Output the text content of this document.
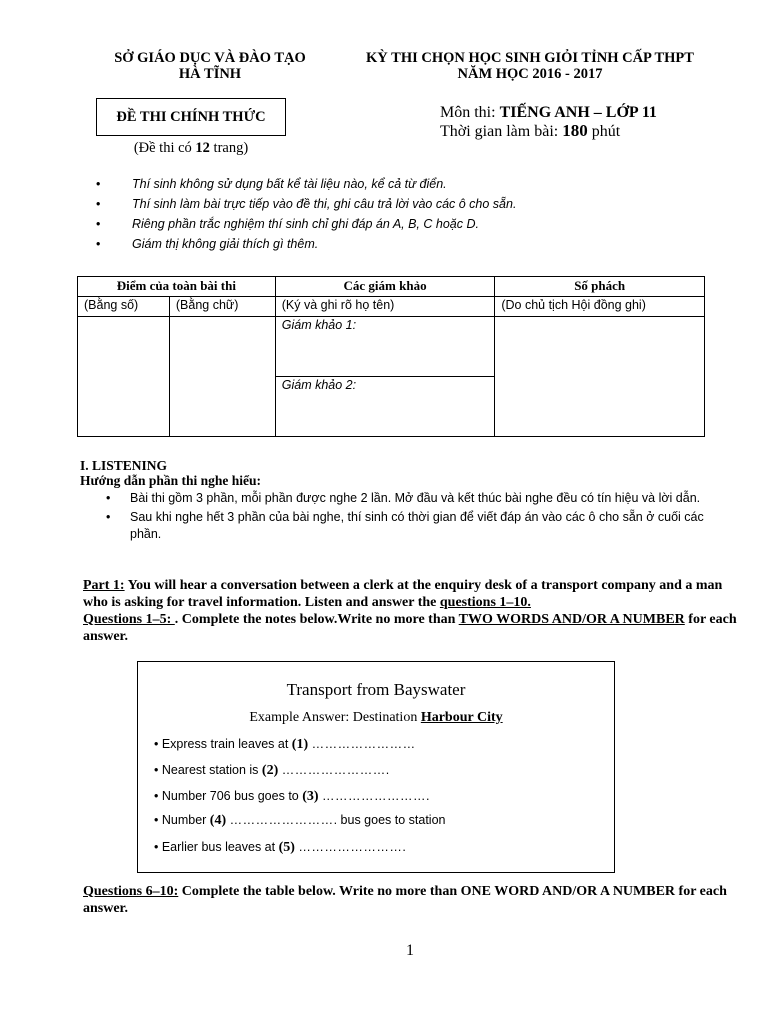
SỞ GIÁO DỤC VÀ ĐÀO TẠO
HÀ TĨNH
KỲ THI CHỌN HỌC SINH GIỎI TỈNH CẤP THPT
NĂM HỌC 2016 - 2017
ĐỀ THI CHÍNH THỨC
(Đề thi có 12 trang)
Môn thi: TIẾNG ANH – LỚP 11
Thời gian làm bài: 180 phút
•	Thí sinh không sử dụng bất kể tài liệu nào, kể cả từ điển.
•	Thí sinh làm bài trực tiếp vào đề thi, ghi câu trả lời vào các ô cho sẵn.
•	Riêng phần trắc nghiệm thí sinh chỉ ghi đáp án A, B, C hoặc D.
•	Giám thị không giải thích gì thêm.
Điểm của toàn bài thi		Các giám khảo	Số phách
(Bằng số)	(Bằng chữ)	(Ký và ghi rõ họ tên)	(Do chủ tịch Hội đồng ghi)
		Giám khảo 1:	
		Giám khảo 2:	
I. LISTENING
Hướng dẫn phần thi nghe hiểu:
• Bài thi gồm 3 phần, mỗi phần được nghe 2 lần. Mở đầu và kết thúc bài nghe đều có tín hiệu và lời dẫn.
• Sau khi nghe hết 3 phần của bài nghe, thí sinh có thời gian để viết đáp án vào các ô cho sẵn ở cuối các phần.
Part 1: You will hear a conversation between a clerk at the enquiry desk of a transport company and a man who is asking for travel information. Listen and answer the questions 1–10.
Questions 1–5: . Complete the notes below.Write no more than TWO WORDS AND/OR A NUMBER for each answer.
Transport from Bayswater
Example Answer: Destination Harbour City
• Express train leaves at (1) ……………………
• Nearest station is (2) …………………….
• Number 706 bus goes to (3) …………………….
• Number (4) ……………………. bus goes to station
• Earlier bus leaves at (5) …………………….
Questions 6–10: Complete the table below. Write no more than ONE WORD AND/OR A NUMBER for each answer.
1
